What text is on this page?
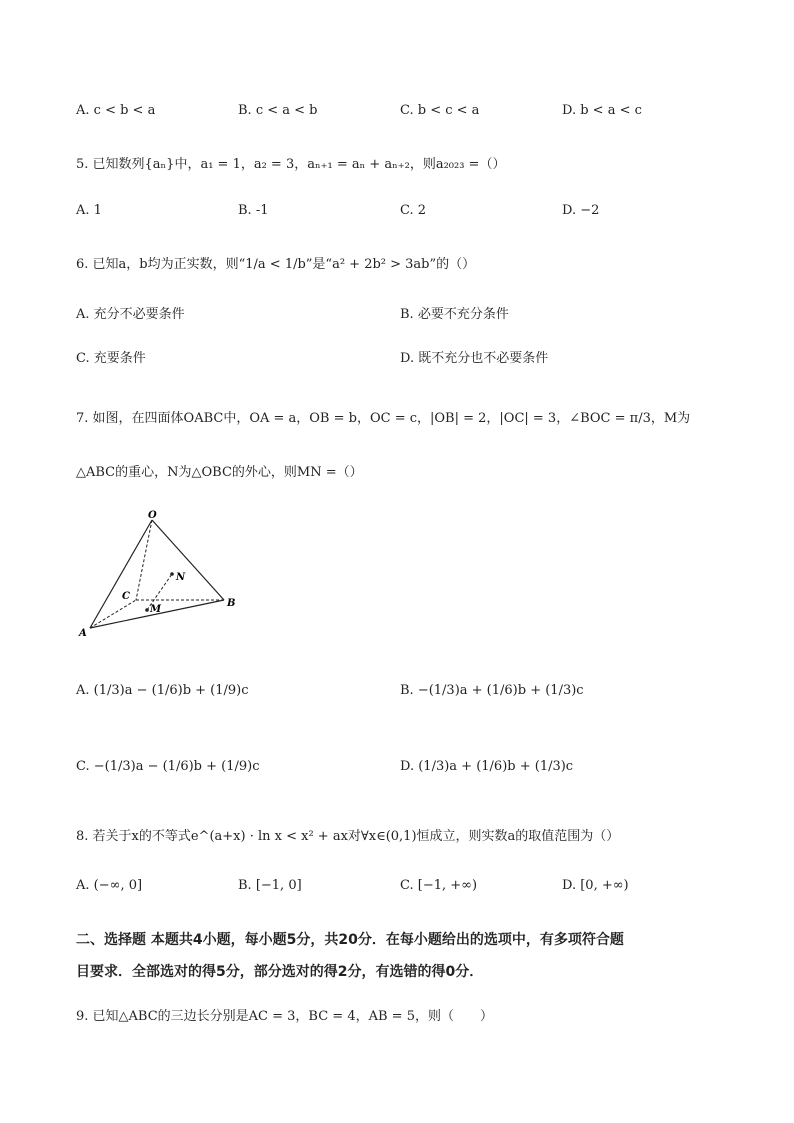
A. c < b < a	B. c < a < b	C. b < c < a	D. b < a < c
5. 已知数列{aₙ}中，a₁ = 1，a₂ = 3，aₙ₊₁ = aₙ + aₙ₊₂，则a₂₀₂₃ =（）
A. 1	B. -1	C. 2	D. −2
6. 已知a，b均为正实数，则“1/a < 1/b”是“a² + 2b² > 3ab”的（）
A. 充分不必要条件	B. 必要不充分条件
C. 充要条件	D. 既不充分也不必要条件
7. 如图，在四面体OABC中，OA = a，OB = b，OC = c，|OB| = 2，|OC| = 3，∠BOC = π/3，M为
△ABC的重心，N为△OBC的外心，则MN =（）
O
A
B
C
M
N
A. (1/3)a − (1/6)b + (1/9)c	B. −(1/3)a + (1/6)b + (1/3)c
C. −(1/3)a − (1/6)b + (1/9)c	D. (1/3)a + (1/6)b + (1/3)c
8. 若关于x的不等式e^(a+x) · ln x < x² + ax对∀x∈(0,1)恒成立，则实数a的取值范围为（）
A. (−∞, 0]	B. [−1, 0]	C. [−1, +∞)	D. [0, +∞)
二、选择题 本题共4小题，每小题5分，共20分．在每小题给出的选项中，有多项符合题
目要求．全部选对的得5分，部分选对的得2分，有选错的得0分．
9. 已知△ABC的三边长分别是AC = 3，BC = 4，AB = 5，则（　　）
